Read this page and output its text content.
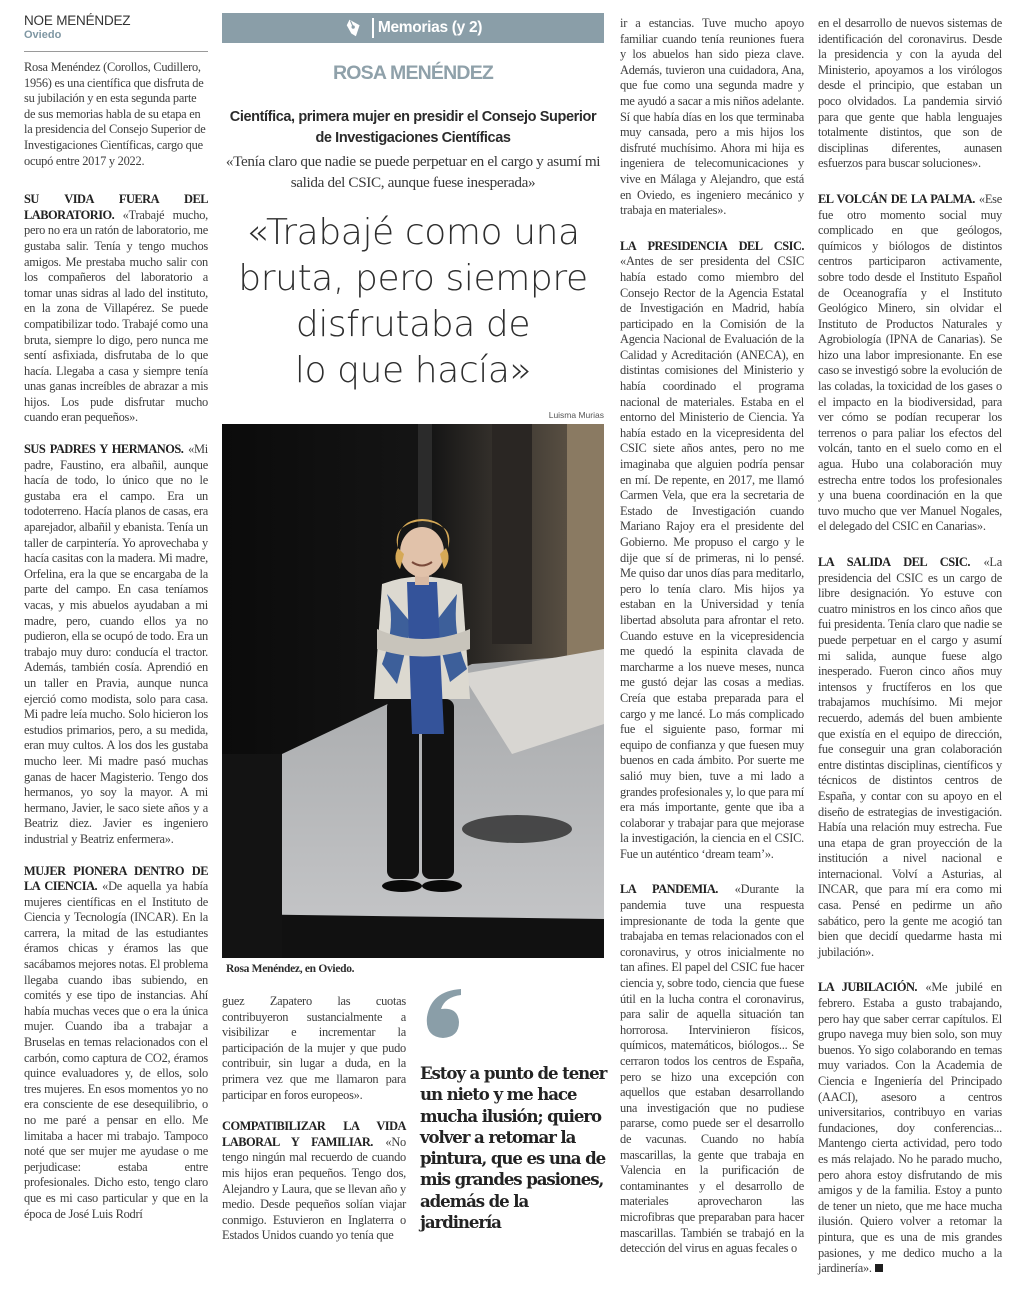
NOE MENÉNDEZ
Oviedo

Rosa Menéndez (Corollos, Cudillero, 1956) es una científica que disfruta de su jubilación y en esta segunda parte de sus memorias habla de su etapa en la presidencia del Consejo Superior de Investigaciones Científicas, cargo que ocupó entre 2017 y 2022.

SU VIDA FUERA DEL LABORATORIO. «Trabajé mucho, pero no era un ratón de laboratorio, me gustaba salir. Tenía y tengo muchos amigos. Me prestaba mucho salir con los compañeros del laboratorio a tomar unas sidras al lado del instituto, en la zona de Villapérez. Se puede compatibilizar todo. Trabajé como una bruta, siempre lo digo, pero nunca me sentí asfixiada, disfrutaba de lo que hacía. Llegaba a casa y siempre tenía unas ganas increíbles de abrazar a mis hijos. Los pude disfrutar mucho cuando eran pequeños».

SUS PADRES Y HERMANOS. «Mi padre, Faustino, era albañil, aunque hacía de todo, lo único que no le gustaba era el campo. Era un todoterreno. Hacía planos de casas, era aparejador, albañil y ebanista. Tenía un taller de carpintería. Yo aprovechaba y hacía casitas con la madera. Mi madre, Orfelina, era la que se encargaba de la parte del campo. En casa teníamos vacas, y mis abuelos ayudaban a mi madre, pero, cuando ellos ya no pudieron, ella se ocupó de todo. Era un trabajo muy duro: conducía el tractor. Además, también cosía. Aprendió en un taller en Pravia, aunque nunca ejerció como modista, solo para casa. Mi padre leía mucho. Solo hicieron los estudios primarios, pero, a su medida, eran muy cultos. A los dos les gustaba mucho leer. Mi madre pasó muchas ganas de hacer Magisterio. Tengo dos hermanos, yo soy la mayor. A mi hermano, Javier, le saco siete años y a Beatriz diez. Javier es ingeniero industrial y Beatriz enfermera».

MUJER PIONERA DENTRO DE LA CIENCIA. «De aquella ya había mujeres científicas en el Instituto de Ciencia y Tecnología (INCAR). En la carrera, la mitad de las estudiantes éramos chicas y éramos las que sacábamos mejores notas. El problema llegaba cuando ibas subiendo, en comités y ese tipo de instancias. Ahí había muchas veces que o era la única mujer. Cuando iba a trabajar a Bruselas en temas relacionados con el carbón, como captura de CO2, éramos quince evaluadores y, de ellos, solo tres mujeres. En esos momentos yo no era consciente de ese desequilibrio, o no me paré a pensar en ello. Me limitaba a hacer mi trabajo. Tampoco noté que ser mujer me ayudase o me perjudicase: estaba entre profesionales. Dicho esto, tengo claro que es mi caso particular y que en la época de José Luis Rodrí

Memorias (y 2)
ROSA MENÉNDEZ
Científica, primera mujer en presidir el Consejo Superior de Investigaciones Científicas
«Tenía claro que nadie se puede perpetuar en el cargo y asumí mi salida del CSIC, aunque fuese inesperada»
«Trabajé como una
bruta, pero siempre
disfrutaba de
lo que hacía»
Luisma Murias
Rosa Menéndez, en Oviedo.

guez Zapatero las cuotas contribuyeron sustancialmente a visibilizar e incrementar la participación de la mujer y que pudo contribuir, sin lugar a duda, en la primera vez que me llamaron para participar en foros europeos».

COMPATIBILIZAR LA VIDA LABORAL Y FAMILIAR. «No tengo ningún mal recuerdo de cuando mis hijos eran pequeños. Tengo dos, Alejandro y Laura, que se llevan año y medio. Desde pequeños solían viajar conmigo. Estuvieron en Inglaterra o Estados Unidos cuando yo tenía que

Estoy a punto de tener un nieto y me hace mucha ilusión; quiero volver a retomar la pintura, que es una de mis grandes pasiones, además de la jardinería

ir a estancias. Tuve mucho apoyo familiar cuando tenía reuniones fuera y los abuelos han sido pieza clave. Además, tuvieron una cuidadora, Ana, que fue como una segunda madre y me ayudó a sacar a mis niños adelante. Sí que había días en los que terminaba muy cansada, pero a mis hijos los disfruté muchísimo. Ahora mi hija es ingeniera de telecomunicaciones y vive en Málaga y Alejandro, que está en Oviedo, es ingeniero mecánico y trabaja en materiales».

LA PRESIDENCIA DEL CSIC. «Antes de ser presidenta del CSIC había estado como miembro del Consejo Rector de la Agencia Estatal de Investigación en Madrid, había participado en la Comisión de la Agencia Nacional de Evaluación de la Calidad y Acreditación (ANECA), en distintas comisiones del Ministerio y había coordinado el programa nacional de materiales. Estaba en el entorno del Ministerio de Ciencia. Ya había estado en la vicepresidenta del CSIC siete años antes, pero no me imaginaba que alguien podría pensar en mí. De repente, en 2017, me llamó Carmen Vela, que era la secretaria de Estado de Investigación cuando Mariano Rajoy era el presidente del Gobierno. Me propuso el cargo y le dije que sí de primeras, ni lo pensé. Me quiso dar unos días para meditarlo, pero lo tenía claro. Mis hijos ya estaban en la Universidad y tenía libertad absoluta para afrontar el reto. Cuando estuve en la vicepresidencia me quedó la espinita clavada de marcharme a los nueve meses, nunca me gustó dejar las cosas a medias. Creía que estaba preparada para el cargo y me lancé. Lo más complicado fue el siguiente paso, formar mi equipo de confianza y que fuesen muy buenos en cada ámbito. Por suerte me salió muy bien, tuve a mi lado a grandes profesionales y, lo que para mí era más importante, gente que iba a colaborar y trabajar para que mejorase la investigación, la ciencia en el CSIC. Fue un auténtico ‘dream team’».

LA PANDEMIA. «Durante la pandemia tuve una respuesta impresionante de toda la gente que trabajaba en temas relacionados con el coronavirus, y otros inicialmente no tan afines. El papel del CSIC fue hacer ciencia y, sobre todo, ciencia que fuese útil en la lucha contra el coronavirus, para salir de aquella situación tan horrorosa. Intervinieron físicos, químicos, matemáticos, biólogos... Se cerraron todos los centros de España, pero se hizo una excepción con aquellos que estaban desarrollando una investigación que no pudiese pararse, como puede ser el desarrollo de vacunas. Cuando no había mascarillas, la gente que trabaja en Valencia en la purificación de contaminantes y el desarrollo de materiales aprovecharon las microfibras que preparaban para hacer mascarillas. También se trabajó en la detección del virus en aguas fecales o

en el desarrollo de nuevos sistemas de identificación del coronavirus. Desde la presidencia y con la ayuda del Ministerio, apoyamos a los virólogos desde el principio, que estaban un poco olvidados. La pandemia sirvió para que gente que habla lenguajes totalmente distintos, que son de disciplinas diferentes, aunasen esfuerzos para buscar soluciones».

EL VOLCÁN DE LA PALMA. «Ese fue otro momento social muy complicado en que geólogos, químicos y biólogos de distintos centros participaron activamente, sobre todo desde el Instituto Español de Oceanografía y el Instituto Geológico Minero, sin olvidar el Instituto de Productos Naturales y Agrobiología (IPNA de Canarias). Se hizo una labor impresionante. En ese caso se investigó sobre la evolución de las coladas, la toxicidad de los gases o el impacto en la biodiversidad, para ver cómo se podían recuperar los terrenos o para paliar los efectos del volcán, tanto en el suelo como en el agua. Hubo una colaboración muy estrecha entre todos los profesionales y una buena coordinación en la que tuvo mucho que ver Manuel Nogales, el delegado del CSIC en Canarias».

LA SALIDA DEL CSIC. «La presidencia del CSIC es un cargo de libre designación. Yo estuve con cuatro ministros en los cinco años que fui presidenta. Tenía claro que nadie se puede perpetuar en el cargo y asumí mi salida, aunque fuese algo inesperado. Fueron cinco años muy intensos y fructíferos en los que trabajamos muchísimo. Mi mejor recuerdo, además del buen ambiente que existía en el equipo de dirección, fue conseguir una gran colaboración entre distintas disciplinas, científicos y técnicos de distintos centros de España, y contar con su apoyo en el diseño de estrategias de investigación. Había una relación muy estrecha. Fue una etapa de gran proyección de la institución a nivel nacional e internacional. Volví a Asturias, al INCAR, que para mí era como mi casa. Pensé en pedirme un año sabático, pero la gente me acogió tan bien que decidí quedarme hasta mi jubilación».

LA JUBILACIÓN. «Me jubilé en febrero. Estaba a gusto trabajando, pero hay que saber cerrar capítulos. El grupo navega muy bien solo, son muy buenos. Yo sigo colaborando en temas muy variados. Con la Academia de Ciencia e Ingeniería del Principado (AACI), asesoro a centros universitarios, contribuyo en varias fundaciones, doy conferencias... Mantengo cierta actividad, pero todo es más relajado. No he parado mucho, pero ahora estoy disfrutando de mis amigos y de la familia. Estoy a punto de tener un nieto, que me hace mucha ilusión. Quiero volver a retomar la pintura, que es una de mis grandes pasiones, y me dedico mucho a la jardinería».
